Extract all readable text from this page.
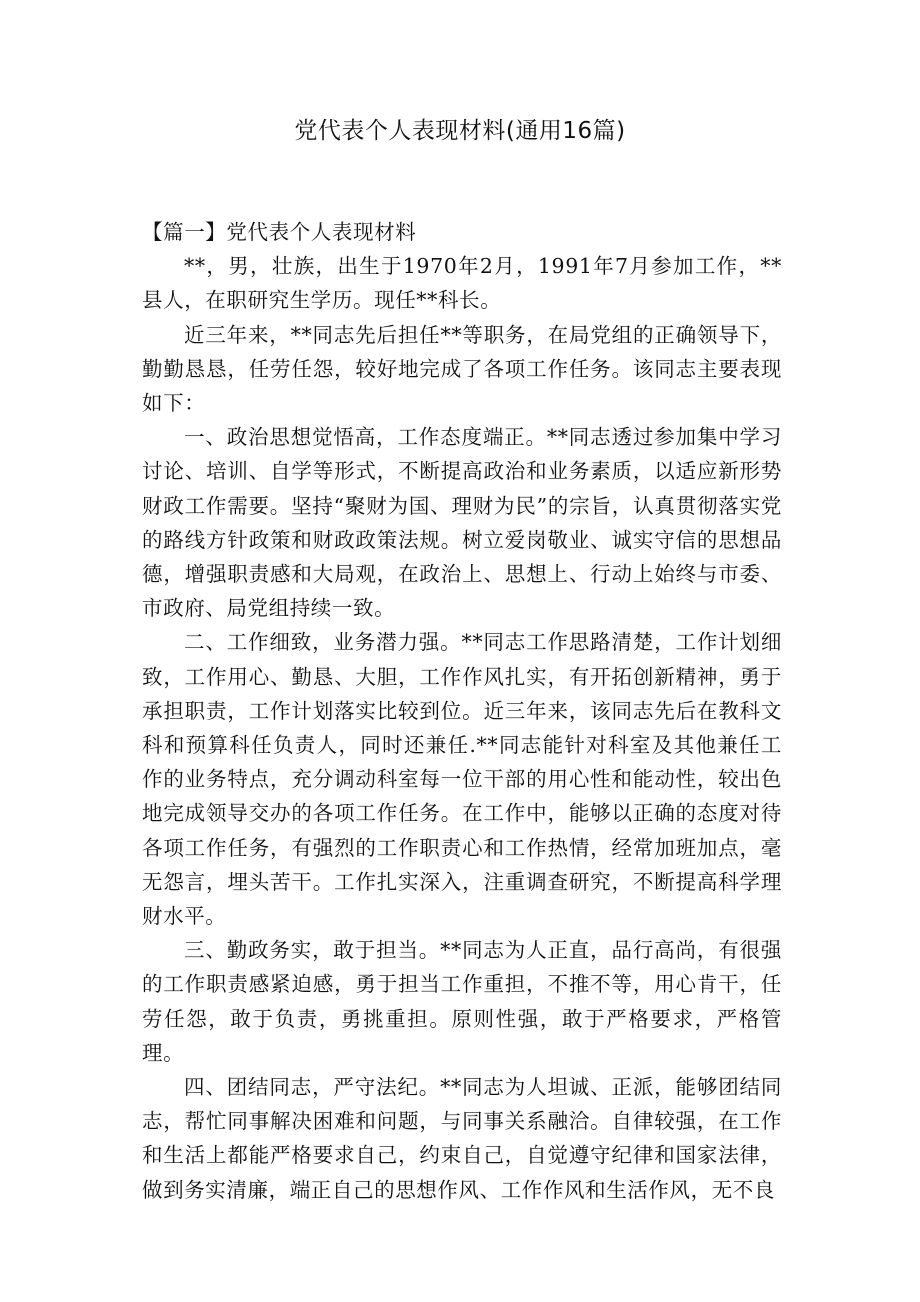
党代表个人表现材料(通用16篇)

【篇一】党代表个人表现材料

**，男，壮族，出生于1970年2月，1991年7月参加工作，**县人，在职研究生学历。现任**科长。

近三年来，**同志先后担任**等职务，在局党组的正确领导下，勤勤恳恳，任劳任怨，较好地完成了各项工作任务。该同志主要表现如下：

一、政治思想觉悟高，工作态度端正。**同志透过参加集中学习讨论、培训、自学等形式，不断提高政治和业务素质，以适应新形势财政工作需要。坚持“聚财为国、理财为民”的宗旨，认真贯彻落实党的路线方针政策和财政政策法规。树立爱岗敬业、诚实守信的思想品德，增强职责感和大局观，在政治上、思想上、行动上始终与市委、市政府、局党组持续一致。

二、工作细致，业务潜力强。**同志工作思路清楚，工作计划细致，工作用心、勤恳、大胆，工作作风扎实，有开拓创新精神，勇于承担职责，工作计划落实比较到位。近三年来，该同志先后在教科文科和预算科任负责人，同时还兼任.**同志能针对科室及其他兼任工作的业务特点，充分调动科室每一位干部的用心性和能动性，较出色地完成领导交办的各项工作任务。在工作中，能够以正确的态度对待各项工作任务，有强烈的工作职责心和工作热情，经常加班加点，毫无怨言，埋头苦干。工作扎实深入，注重调查研究，不断提高科学理财水平。

三、勤政务实，敢于担当。**同志为人正直，品行高尚，有很强的工作职责感紧迫感，勇于担当工作重担，不推不等，用心肯干，任劳任怨，敢于负责，勇挑重担。原则性强，敢于严格要求，严格管理。

四、团结同志，严守法纪。**同志为人坦诚、正派，能够团结同志，帮忙同事解决困难和问题，与同事关系融洽。自律较强，在工作和生活上都能严格要求自己，约束自己，自觉遵守纪律和国家法律，做到务实清廉，端正自己的思想作风、工作作风和生活作风，无不良
